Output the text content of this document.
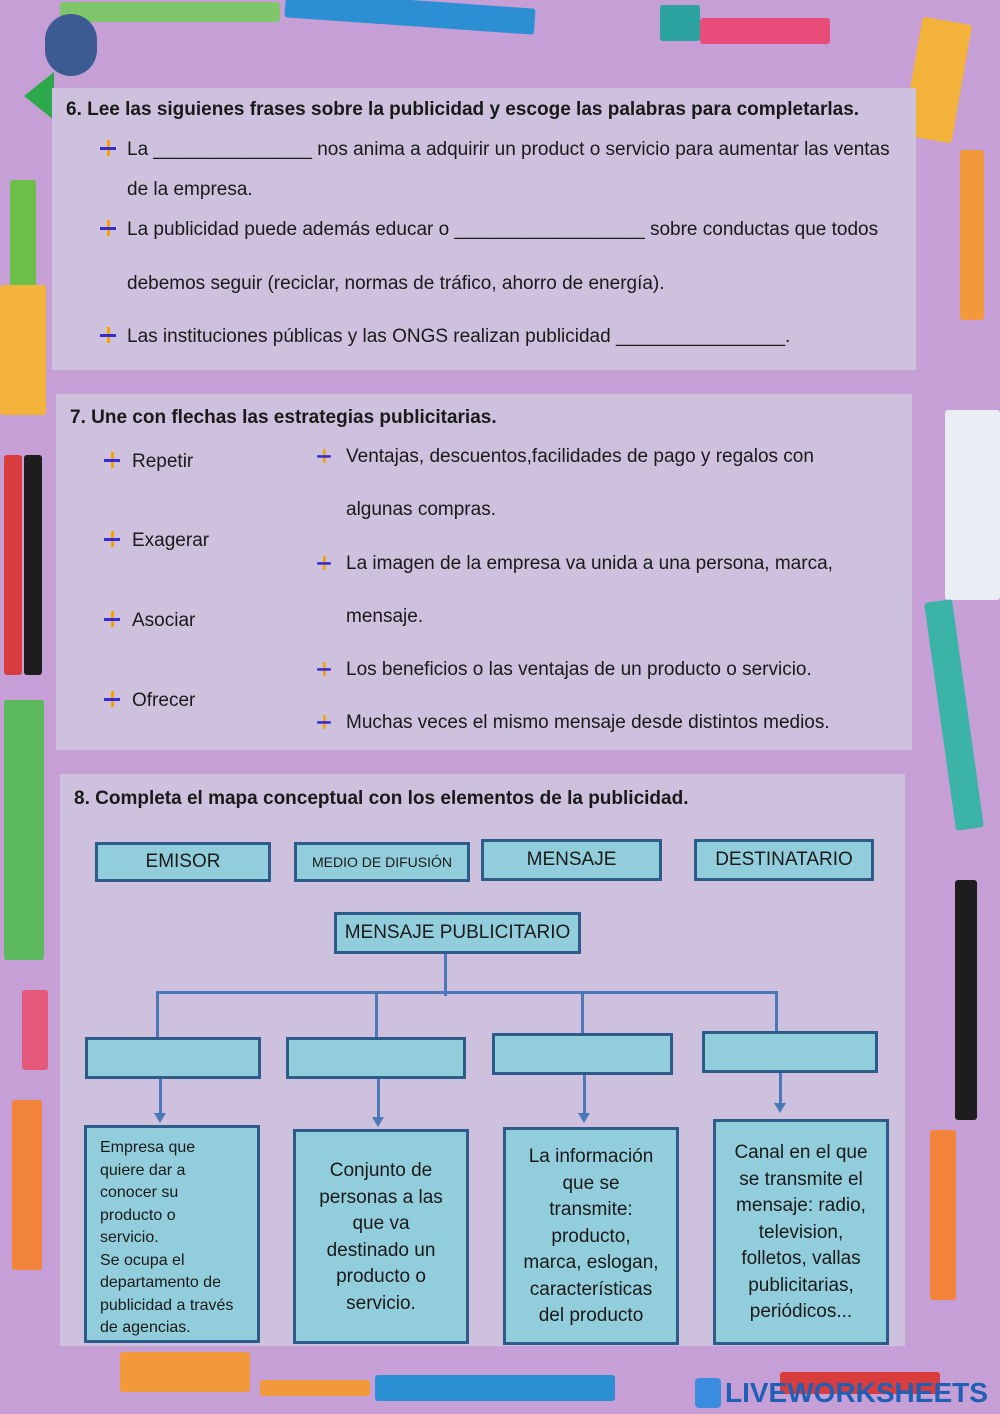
6. Lee las siguienes frases sobre la publicidad y escoge las palabras para completarlas.
La _______________ nos anima a adquirir un product o servicio para aumentar las ventas
de la empresa.
La publicidad puede además educar o __________________ sobre conductas que todos
debemos seguir (reciclar, normas de tráfico, ahorro de energía).
Las instituciones públicas y las ONGS realizan publicidad ________________.
7. Une con flechas las estrategias publicitarias.
Repetir
Exagerar
Asociar
Ofrecer
Ventajas, descuentos,facilidades de pago y regalos con
algunas compras.
La imagen de la empresa va unida a una persona, marca,
mensaje.
Los beneficios o las ventajas de un producto o servicio.
Muchas veces el mismo mensaje desde distintos medios.
8. Completa el mapa conceptual con los elementos de la publicidad.
EMISOR	MEDIO DE DIFUSIÓN	MENSAJE	DESTINATARIO
MENSAJE PUBLICITARIO
Empresa que
quiere dar a
conocer su
producto o
servicio.
Se ocupa el
departamento de
publicidad a través
de agencias.
Conjunto de
personas a las
que va
destinado un
producto o
servicio.
La información
que se
transmite:
producto,
marca, eslogan,
características
del producto
Canal en el que
se transmite el
mensaje: radio,
television,
folletos, vallas
publicitarias,
periódicos...
LIVEWORKSHEETS
